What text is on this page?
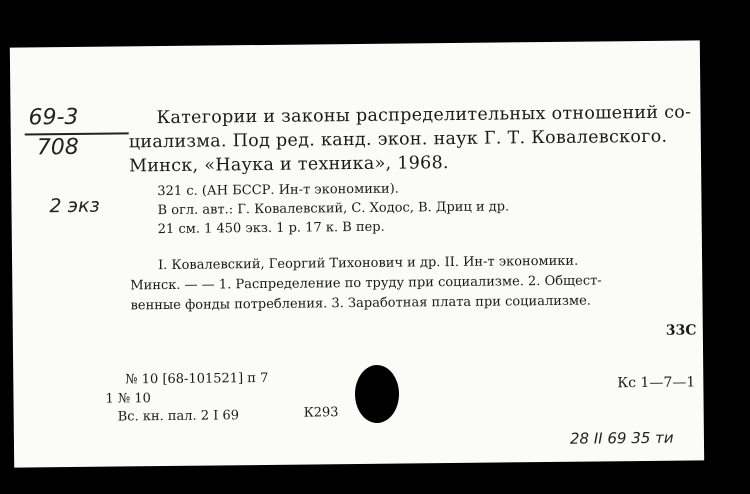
69-3
708
2 экз
Категории и законы распределительных отношений со-
циализма. Под ред. канд. экон. наук Г. Т. Ковалевского.
Минск, «Наука и техника», 1968.
321 с. (АН БССР. Ин-т экономики).
В огл. авт.: Г. Ковалевский, С. Ходос, В. Дриц и др.
21 см. 1 450 экз. 1 р. 17 к. В пер.
I. Ковалевский, Георгий Тихонович и др. II. Ин-т экономики.
Минск. — — 1. Распределение по труду при социализме. 2. Общест-
венные фонды потребления. 3. Заработная плата при социализме.
33С
№ 10 [68-101521] п 7
1 № 10
Вс. кн. пал. 2 I 69	К293
Кс 1—7—1
28 II 69 35 ти
